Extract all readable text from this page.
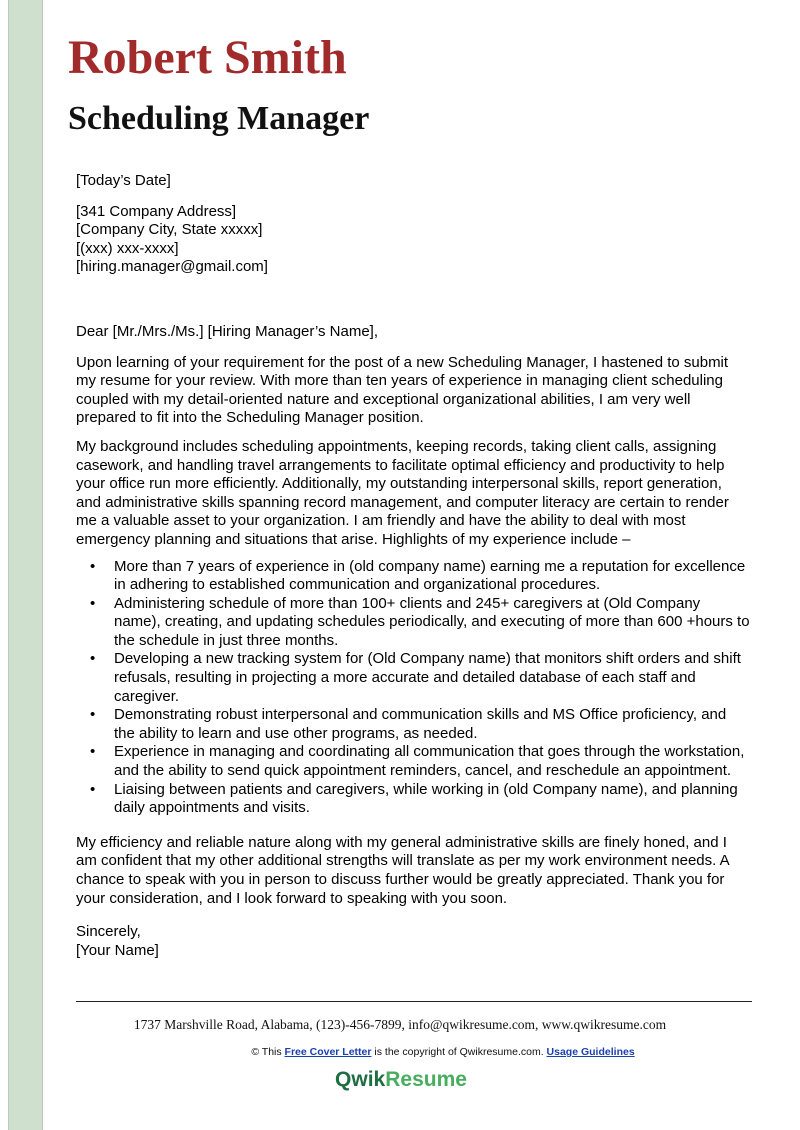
Robert Smith
Scheduling Manager

[Today’s Date]

[341 Company Address]

[Company City, State xxxxx]

[(xxx) xxx-xxxx]

[hiring.manager@gmail.com]

Dear [Mr./Mrs./Ms.] [Hiring Manager’s Name],

Upon learning of your requirement for the post of a new Scheduling Manager, I hastened to submit my resume for your review. With more than ten years of experience in managing client scheduling coupled with my detail-oriented nature and exceptional organizational abilities, I am very well prepared to fit into the Scheduling Manager position.

My background includes scheduling appointments, keeping records, taking client calls, assigning casework, and handling travel arrangements to facilitate optimal efficiency and productivity to help your office run more efficiently. Additionally, my outstanding interpersonal skills, report generation, and administrative skills spanning record management, and computer literacy are certain to render me a valuable asset to your organization. I am friendly and have the ability to deal with most emergency planning and situations that arise. Highlights of my experience include –

• More than 7 years of experience in (old company name) earning me a reputation for excellence in adhering to established communication and organizational procedures.
• Administering schedule of more than 100+ clients and 245+ caregivers at (Old Company name), creating, and updating schedules periodically, and executing of more than 600 +hours to the schedule in just three months.
• Developing a new tracking system for (Old Company name) that monitors shift orders and shift refusals, resulting in projecting a more accurate and detailed database of each staff and caregiver.
• Demonstrating robust interpersonal and communication skills and MS Office proficiency, and the ability to learn and use other programs, as needed.
• Experience in managing and coordinating all communication that goes through the workstation, and the ability to send quick appointment reminders, cancel, and reschedule an appointment.
• Liaising between patients and caregivers, while working in (old Company name), and planning daily appointments and visits.

My efficiency and reliable nature along with my general administrative skills are finely honed, and I am confident that my other additional strengths will translate as per my work environment needs. A chance to speak with you in person to discuss further would be greatly appreciated. Thank you for your consideration, and I look forward to speaking with you soon.

Sincerely,

[Your Name]

1737 Marshville Road, Alabama, (123)-456-7899, info@qwikresume.com, www.qwikresume.com
© This Free Cover Letter is the copyright of Qwikresume.com. Usage Guidelines
QwikResume
